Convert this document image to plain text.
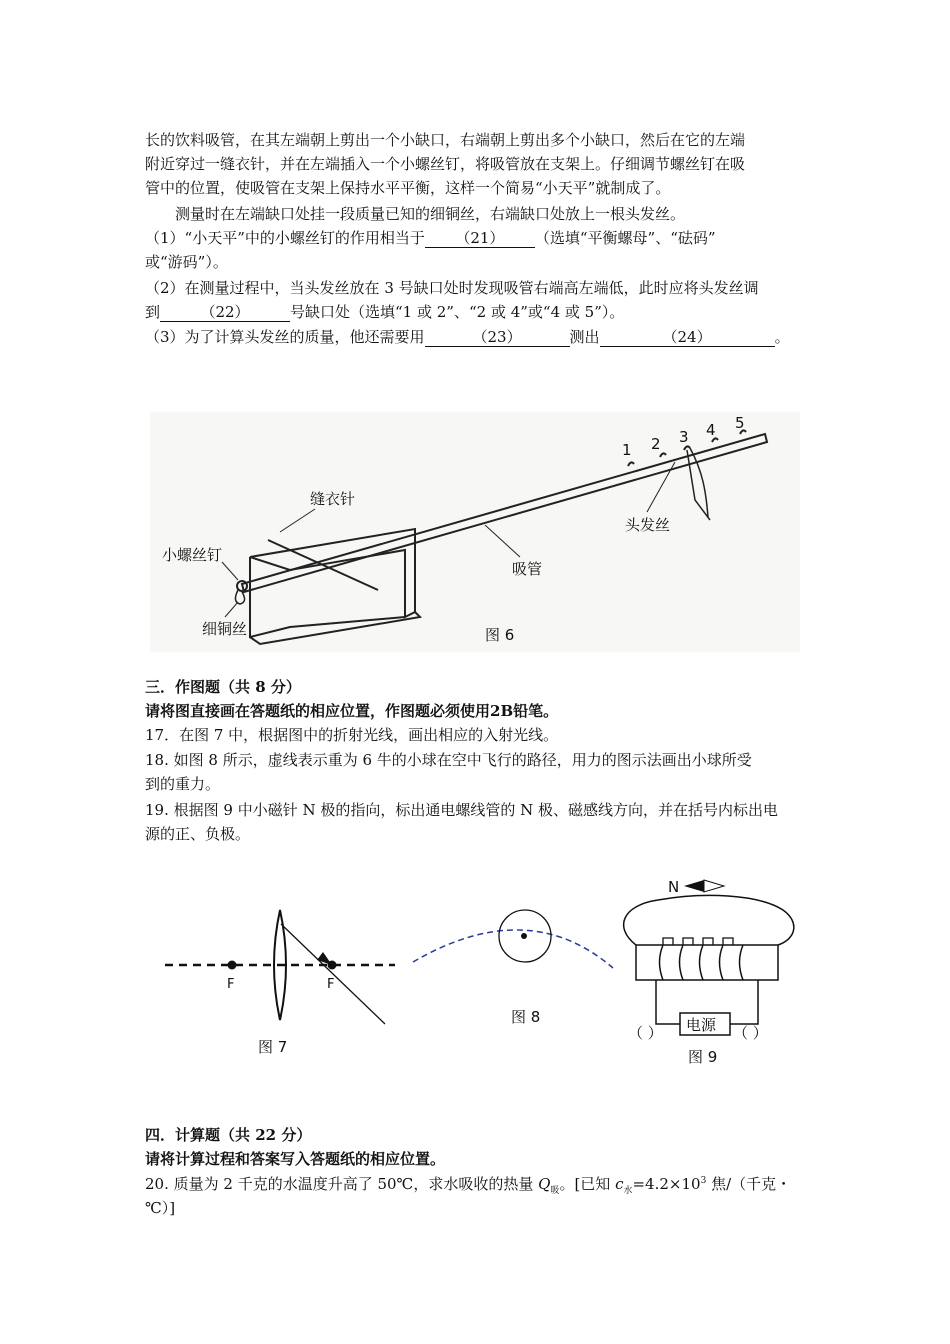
长的饮料吸管，在其左端朝上剪出一个小缺口，右端朝上剪出多个小缺口，然后在它的左端
附近穿过一缝衣针，并在左端插入一个小螺丝钉，将吸管放在支架上。仔细调节螺丝钉在吸
管中的位置，使吸管在支架上保持水平平衡，这样一个简易“小天平”就制成了。
测量时在左端缺口处挂一段质量已知的细铜丝，右端缺口处放上一根头发丝。
（1）“小天平”中的小螺丝钉的作用相当于 （21） （选填“平衡螺母”、“砝码”
或“游码”）。
（2）在测量过程中，当头发丝放在 3 号缺口处时发现吸管右端高左端低，此时应将头发丝调
到	（22）	号缺口处（选填“1 或 2”、“2 或 4”或“4 或 5”）。
（3）为了计算头发丝的质量，他还需要用	（23）	测出	（24）	。
1 2 3 4 5
头发丝
缝衣针
小螺丝钉
细铜丝
吸管
图 6
三．作图题（共 8 分）
请将图直接画在答题纸的相应位置，作图题必须使用2B铅笔。
17．在图 7 中，根据图中的折射光线，画出相应的入射光线。
18. 如图 8 所示，虚线表示重为 6 牛的小球在空中飞行的路径，用力的图示法画出小球所受
到的重力。
19. 根据图 9 中小磁针 N 极的指向，标出通电螺线管的 N 极、磁感线方向，并在括号内标出电
源的正、负极。
F	F
图 7
图 8
N
电源
（ ）	（ ）
图 9
四．计算题（共 22 分）
请将计算过程和答案写入答题纸的相应位置。
20. 质量为 2 千克的水温度升高了 50℃，求水吸收的热量 $Q_吸$。[已知 $c_水=4.2\times 10^3$ 焦/（千克・
℃）]
